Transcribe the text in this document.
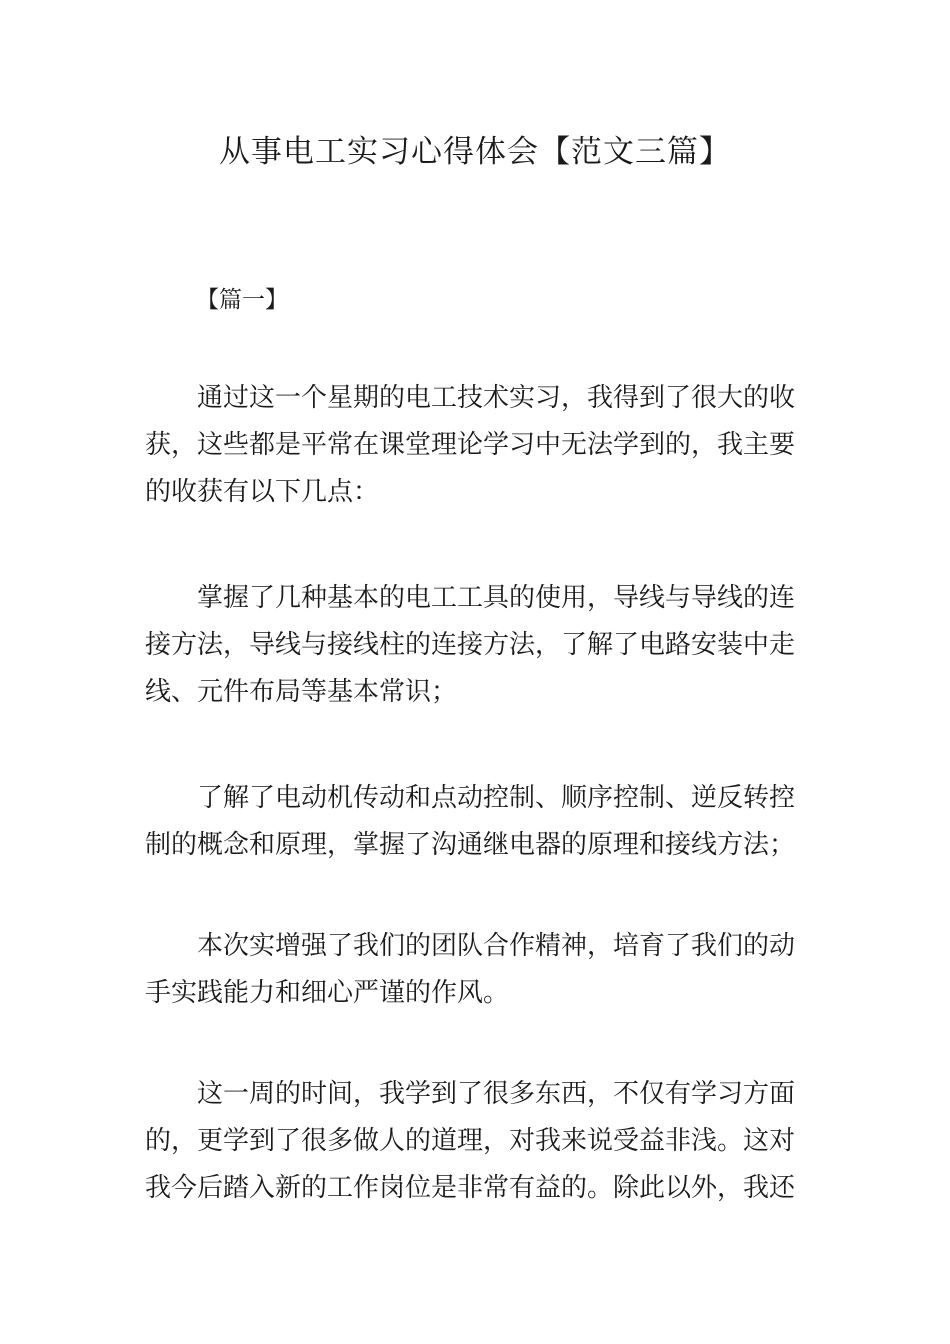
从事电工实习心得体会【范文三篇】

【篇一】

通过这一个星期的电工技术实习，我得到了很大的收
获，这些都是平常在课堂理论学习中无法学到的，我主要
的收获有以下几点：

掌握了几种基本的电工工具的使用，导线与导线的连
接方法，导线与接线柱的连接方法，了解了电路安装中走
线、元件布局等基本常识；

了解了电动机传动和点动控制、顺序控制、逆反转控
制的概念和原理，掌握了沟通继电器的原理和接线方法；

本次实增强了我们的团队合作精神，培育了我们的动
手实践能力和细心严谨的作风。

这一周的时间，我学到了很多东西，不仅有学习方面
的，更学到了很多做人的道理，对我来说受益非浅。这对
我今后踏入新的工作岗位是非常有益的。除此以外，我还
